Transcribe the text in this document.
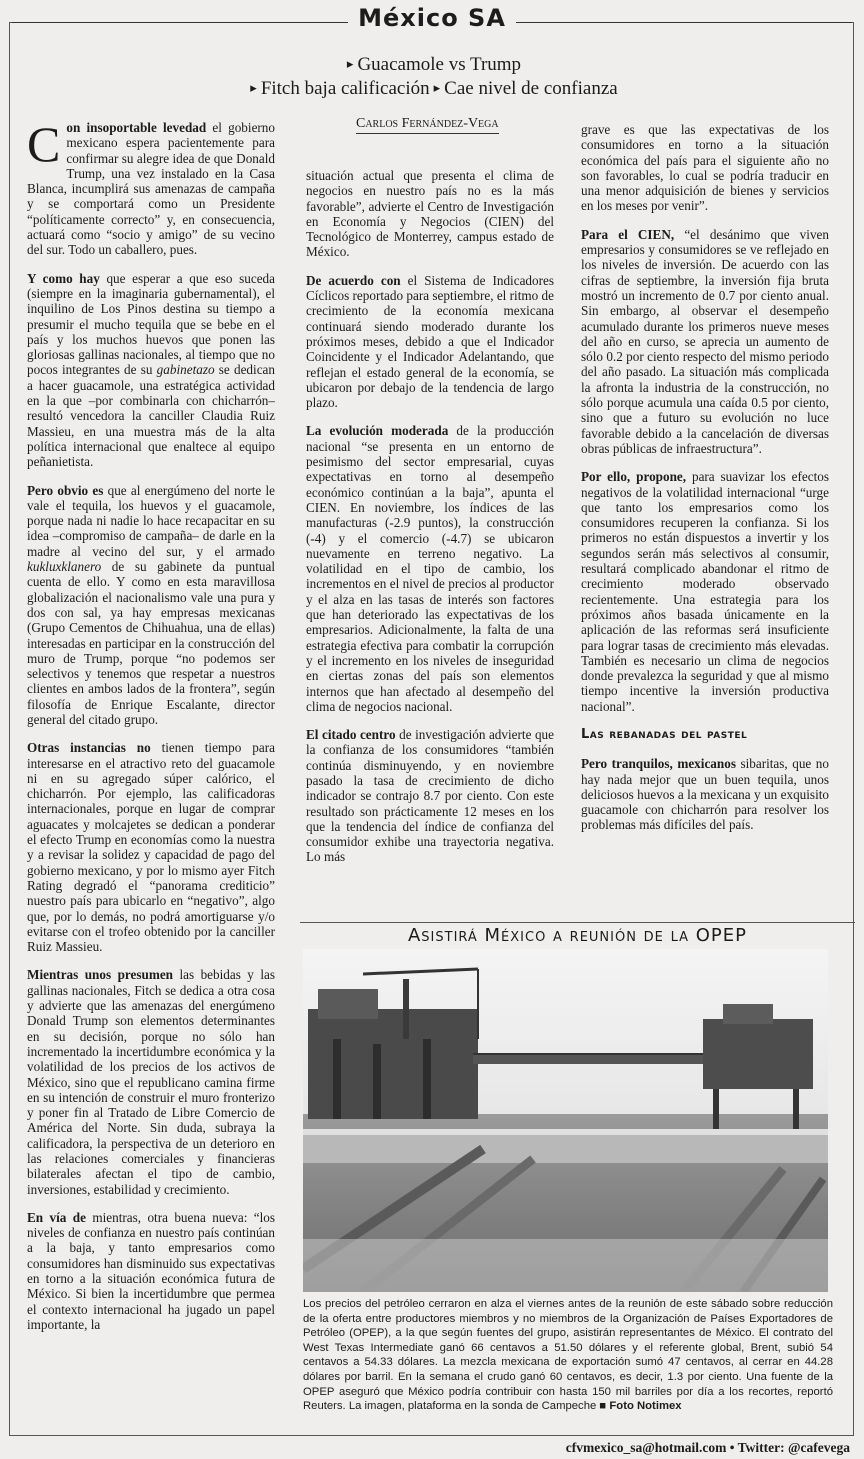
México SA
▸ Guacamole vs Trump
▸ Fitch baja calificación ▸ Cae nivel de confianza
Carlos Fernández-Vega

Con insoportable levedad el gobierno mexicano espera pacientemente para confirmar su alegre idea de que Donald Trump, una vez instalado en la Casa Blanca, incumplirá sus amenazas de campaña y se comportará como un Presidente “políticamente correcto” y, en consecuencia, actuará como “socio y amigo” de su vecino del sur. Todo un caballero, pues.

Y como hay que esperar a que eso suceda (siempre en la imaginaria gubernamental), el inquilino de Los Pinos destina su tiempo a presumir el mucho tequila que se bebe en el país y los muchos huevos que ponen las gloriosas gallinas nacionales, al tiempo que no pocos integrantes de su gabinetazo se dedican a hacer guacamole, una estratégica actividad en la que –por combinarla con chicharrón– resultó vencedora la canciller Claudia Ruiz Massieu, en una muestra más de la alta política internacional que enaltece al equipo peñanietista.

Pero obvio es que al energúmeno del norte le vale el tequila, los huevos y el guacamole, porque nada ni nadie lo hace recapacitar en su idea –compromiso de campaña– de darle en la madre al vecino del sur, y el armado kukluxklanero de su gabinete da puntual cuenta de ello. Y como en esta maravillosa globalización el nacionalismo vale una pura y dos con sal, ya hay empresas mexicanas (Grupo Cementos de Chihuahua, una de ellas) interesadas en participar en la construcción del muro de Trump, porque “no podemos ser selectivos y tenemos que respetar a nuestros clientes en ambos lados de la frontera”, según filosofía de Enrique Escalante, director general del citado grupo.

Otras instancias no tienen tiempo para interesarse en el atractivo reto del guacamole ni en su agregado súper calórico, el chicharrón. Por ejemplo, las calificadoras internacionales, porque en lugar de comprar aguacates y molcajetes se dedican a ponderar el efecto Trump en economías como la nuestra y a revisar la solidez y capacidad de pago del gobierno mexicano, y por lo mismo ayer Fitch Rating degradó el “panorama crediticio” nuestro país para ubicarlo en “negativo”, algo que, por lo demás, no podrá amortiguarse y/o evitarse con el trofeo obtenido por la canciller Ruiz Massieu.

Mientras unos presumen las bebidas y las gallinas nacionales, Fitch se dedica a otra cosa y advierte que las amenazas del energúmeno Donald Trump son elementos determinantes en su decisión, porque no sólo han incrementado la incertidumbre económica y la volatilidad de los precios de los activos de México, sino que el republicano camina firme en su intención de construir el muro fronterizo y poner fin al Tratado de Libre Comercio de América del Norte. Sin duda, subraya la calificadora, la perspectiva de un deterioro en las relaciones comerciales y financieras bilaterales afectan el tipo de cambio, inversiones, estabilidad y crecimiento.

En vía de mientras, otra buena nueva: “los niveles de confianza en nuestro país continúan a la baja, y tanto empresarios como consumidores han disminuido sus expectativas en torno a la situación económica futura de México. Si bien la incertidumbre que permea el contexto internacional ha jugado un papel importante, la

situación actual que presenta el clima de negocios en nuestro país no es la más favorable”, advierte el Centro de Investigación en Economía y Negocios (CIEN) del Tecnológico de Monterrey, campus estado de México.

De acuerdo con el Sistema de Indicadores Cíclicos reportado para septiembre, el ritmo de crecimiento de la economía mexicana continuará siendo moderado durante los próximos meses, debido a que el Indicador Coincidente y el Indicador Adelantando, que reflejan el estado general de la economía, se ubicaron por debajo de la tendencia de largo plazo.

La evolución moderada de la producción nacional “se presenta en un entorno de pesimismo del sector empresarial, cuyas expectativas en torno al desempeño económico continúan a la baja”, apunta el CIEN. En noviembre, los índices de las manufacturas (-2.9 puntos), la construcción (-4) y el comercio (-4.7) se ubicaron nuevamente en terreno negativo. La volatilidad en el tipo de cambio, los incrementos en el nivel de precios al productor y el alza en las tasas de interés son factores que han deteriorado las expectativas de los empresarios. Adicionalmente, la falta de una estrategia efectiva para combatir la corrupción y el incremento en los niveles de inseguridad en ciertas zonas del país son elementos internos que han afectado al desempeño del clima de negocios nacional.

El citado centro de investigación advierte que la confianza de los consumidores “también continúa disminuyendo, y en noviembre pasado la tasa de crecimiento de dicho indicador se contrajo 8.7 por ciento. Con este resultado son prácticamente 12 meses en los que la tendencia del índice de confianza del consumidor exhibe una trayectoria negativa. Lo más

grave es que las expectativas de los consumidores en torno a la situación económica del país para el siguiente año no son favorables, lo cual se podría traducir en una menor adquisición de bienes y servicios en los meses por venir”.

Para el CIEN, “el desánimo que viven empresarios y consumidores se ve reflejado en los niveles de inversión. De acuerdo con las cifras de septiembre, la inversión fija bruta mostró un incremento de 0.7 por ciento anual. Sin embargo, al observar el desempeño acumulado durante los primeros nueve meses del año en curso, se aprecia un aumento de sólo 0.2 por ciento respecto del mismo periodo del año pasado. La situación más complicada la afronta la industria de la construcción, no sólo porque acumula una caída 0.5 por ciento, sino que a futuro su evolución no luce favorable debido a la cancelación de diversas obras públicas de infraestructura”.

Por ello, propone, para suavizar los efectos negativos de la volatilidad internacional “urge que tanto los empresarios como los consumidores recuperen la confianza. Si los primeros no están dispuestos a invertir y los segundos serán más selectivos al consumir, resultará complicado abandonar el ritmo de crecimiento moderado observado recientemente. Una estrategia para los próximos años basada únicamente en la aplicación de las reformas será insuficiente para lograr tasas de crecimiento más elevadas. También es necesario un clima de negocios donde prevalezca la seguridad y que al mismo tiempo incentive la inversión productiva nacional”.

Las rebanadas del pastel

Pero tranquilos, mexicanos sibaritas, que no hay nada mejor que un buen tequila, unos deliciosos huevos a la mexicana y un exquisito guacamole con chicharrón para resolver los problemas más difíciles del país.

Asistirá México a reunión de la OPEP
Los precios del petróleo cerraron en alza el viernes antes de la reunión de este sábado sobre reducción de la oferta entre productores miembros y no miembros de la Organización de Países Exportadores de Petróleo (OPEP), a la que según fuentes del grupo, asistirán representantes de México. El contrato del West Texas Intermediate ganó 66 centavos a 51.50 dólares y el referente global, Brent, subió 54 centavos a 54.33 dólares. La mezcla mexicana de exportación sumó 47 centavos, al cerrar en 44.28 dólares por barril. En la semana el crudo ganó 60 centavos, es decir, 1.3 por ciento. Una fuente de la OPEP aseguró que México podría contribuir con hasta 150 mil barriles por día a los recortes, reportó Reuters. La imagen, plataforma en la sonda de Campeche ■ Foto Notimex
cfvmexico_sa@hotmail.com • Twitter: @cafevega
